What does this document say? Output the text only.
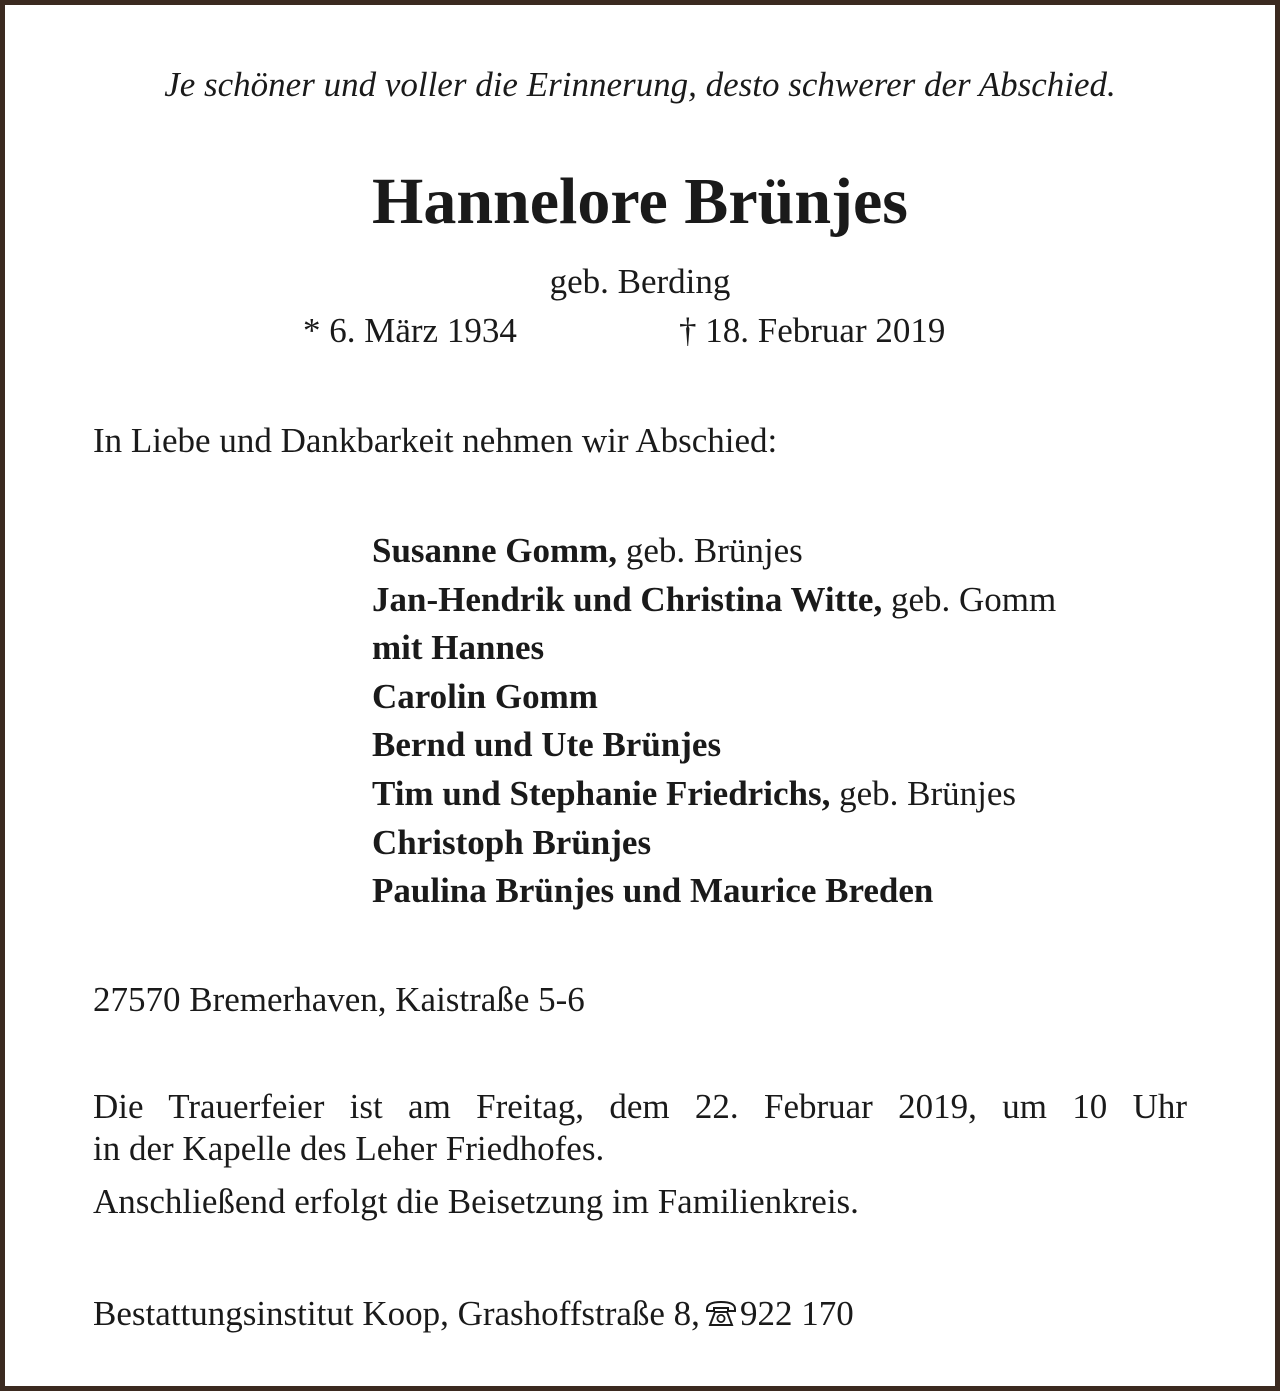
Je schöner und voller die Erinnerung, desto schwerer der Abschied.
Hannelore Brünjes
geb. Berding
* 6. März 1934	† 18. Februar 2019
In Liebe und Dankbarkeit nehmen wir Abschied:
Susanne Gomm, geb. Brünjes
Jan-Hendrik und Christina Witte, geb. Gomm
mit Hannes
Carolin Gomm
Bernd und Ute Brünjes
Tim und Stephanie Friedrichs, geb. Brünjes
Christoph Brünjes
Paulina Brünjes und Maurice Breden
27570 Bremerhaven, Kaistraße 5-6
Die Trauerfeier ist am Freitag, dem 22. Februar 2019, um 10 Uhr
in der Kapelle des Leher Friedhofes.
Anschließend erfolgt die Beisetzung im Familienkreis.
Bestattungsinstitut Koop, Grashoffstraße 8, 922 170
